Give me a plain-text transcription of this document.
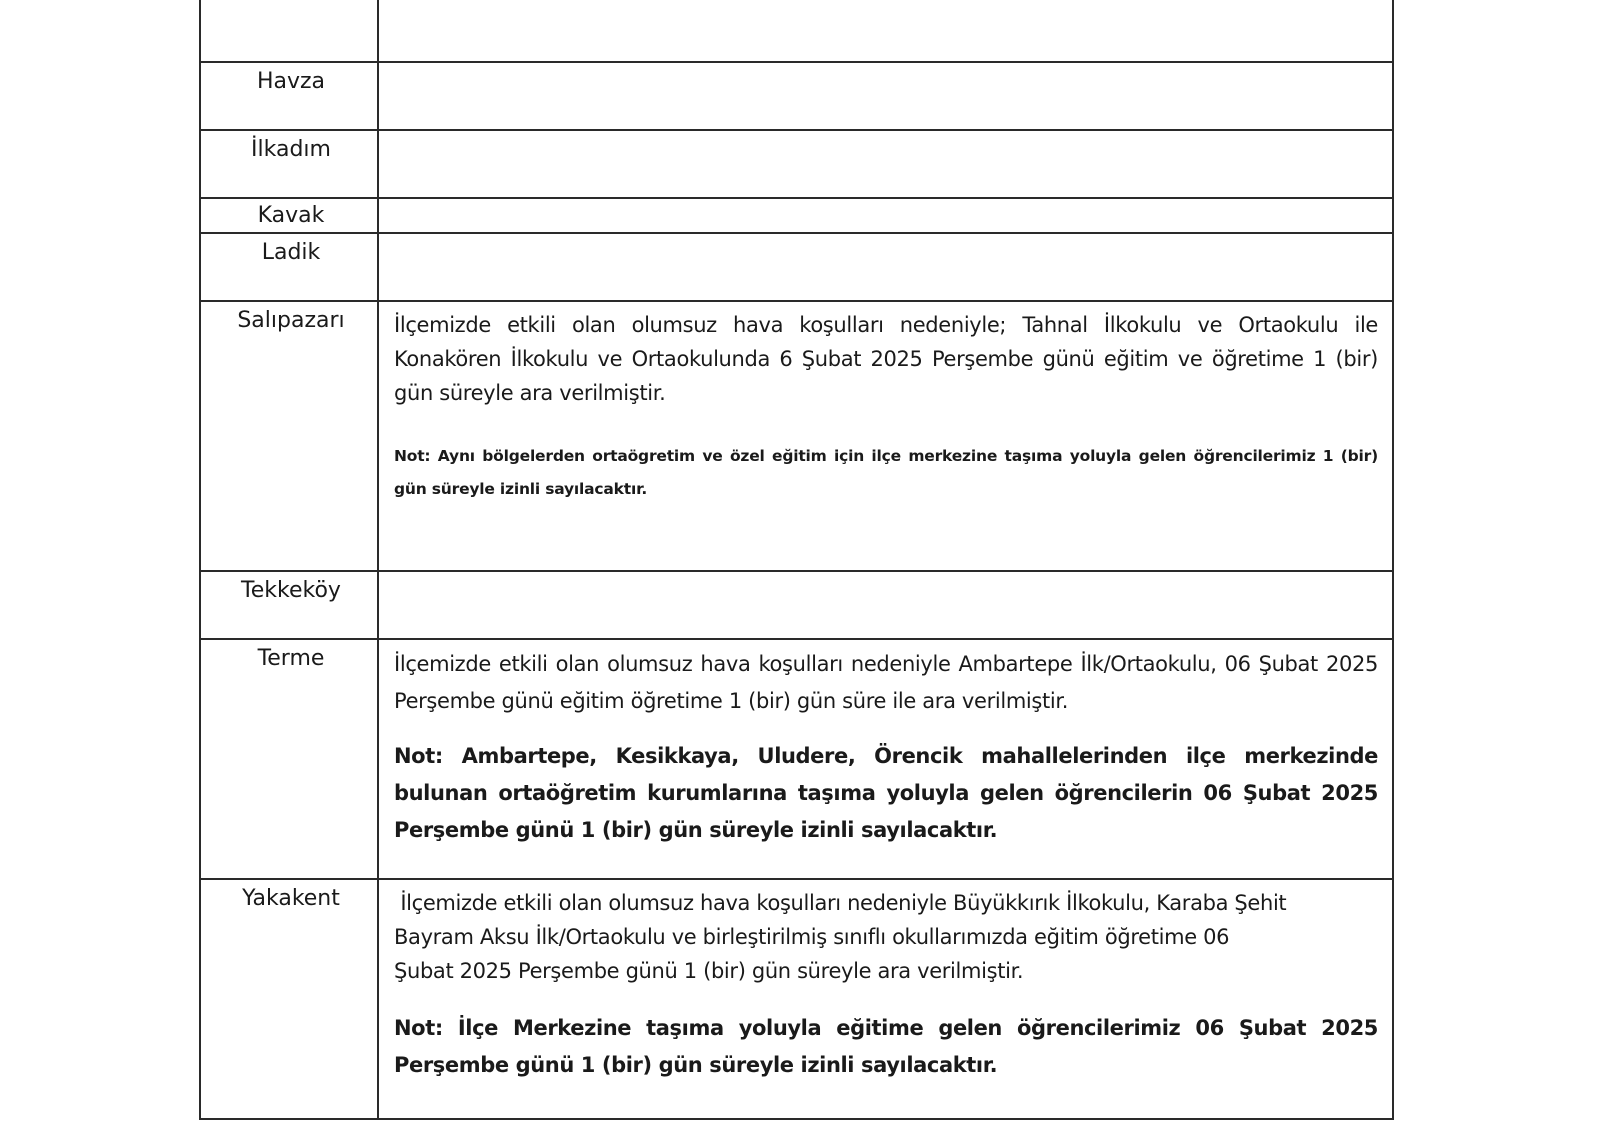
Havza	

İlkadım	

Kavak	

Ladik	

Salıpazarı	İlçemizde etkili olan olumsuz hava koşulları nedeniyle; Tahnal İlkokulu ve Ortaokulu ile Konakören İlkokulu ve Ortaokulunda 6 Şubat 2025 Perşembe günü eğitim ve öğretime 1 (bir) gün süreyle ara verilmiştir.

Not: Aynı bölgelerden ortaögretim ve özel eğitim için ilçe merkezine taşıma yoluyla gelen öğrencilerimiz 1 (bir) gün süreyle izinli sayılacaktır.

Tekkeköy	

Terme	İlçemizde etkili olan olumsuz hava koşulları nedeniyle Ambartepe İlk/Ortaokulu, 06 Şubat 2025 Perşembe günü eğitim öğretime 1 (bir) gün süre ile ara verilmiştir.

Not: Ambartepe, Kesikkaya, Uludere, Örencik mahallelerinden ilçe merkezinde bulunan ortaöğretim kurumlarına taşıma yoluyla gelen öğrencilerin 06 Şubat 2025 Perşembe günü 1 (bir) gün süreyle izinli sayılacaktır.

Yakakent	İlçemizde etkili olan olumsuz hava koşulları nedeniyle Büyükkırık İlkokulu, Karaba Şehit

Bayram Aksu İlk/Ortaokulu ve birleştirilmiş sınıflı okullarımızda eğitim öğretime 06

Şubat 2025 Perşembe günü 1 (bir) gün süreyle ara verilmiştir.

Not: İlçe Merkezine taşıma yoluyla eğitime gelen öğrencilerimiz 06 Şubat 2025 Perşembe günü 1 (bir) gün süreyle izinli sayılacaktır.
